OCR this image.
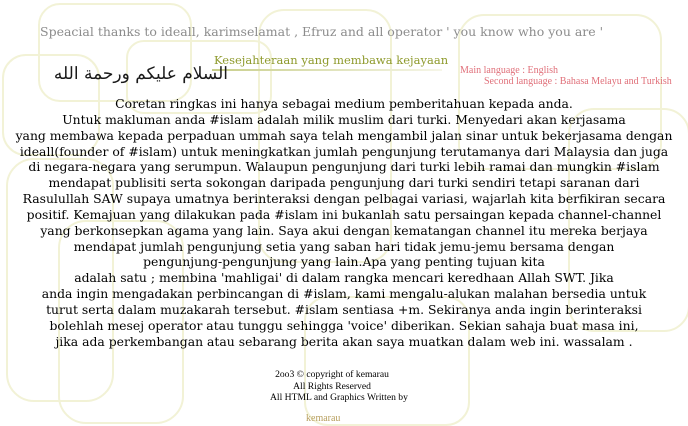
Speacial thanks to ideall, karimselamat , Efruz and all operator ' you know who you are '
Kesejahteraan yang membawa kejayaan
Main language : English
Second language : Bahasa Melayu and Turkish
السلام عليكم ورحمة الله
Coretan ringkas ini hanya sebagai medium pemberitahuan kepada anda.
Untuk makluman anda #islam adalah milik muslim dari turki. Menyedari akan kerjasama
yang membawa kepada perpaduan ummah saya telah mengambil jalan sinar untuk bekerjasama dengan
ideall(founder of #islam) untuk meningkatkan jumlah pengunjung terutamanya dari Malaysia dan juga
di negara-negara yang serumpun. Walaupun pengunjung dari turki lebih ramai dan mungkin #islam
mendapat publisiti serta sokongan daripada pengunjung dari turki sendiri tetapi saranan dari
Rasulullah SAW supaya umatnya berinteraksi dengan pelbagai variasi, wajarlah kita berfikiran secara
positif. Kemajuan yang dilakukan pada #islam ini bukanlah satu persaingan kepada channel-channel
yang berkonsepkan agama yang lain. Saya akui dengan kematangan channel itu mereka berjaya
mendapat jumlah pengunjung setia yang saban hari tidak jemu-jemu bersama dengan
pengunjung-pengunjung yang lain.Apa yang penting tujuan kita
adalah satu ; membina 'mahligai' di dalam rangka mencari keredhaan Allah SWT. Jika
anda ingin mengadakan perbincangan di #islam, kami mengalu-alukan malahan bersedia untuk
turut serta dalam muzakarah tersebut. #islam sentiasa +m. Sekiranya anda ingin berinteraksi
bolehlah mesej operator atau tunggu sehingga 'voice' diberikan. Sekian sahaja buat masa ini,
jika ada perkembangan atau sebarang berita akan saya muatkan dalam web ini. wassalam .
2oo3 © copyright of kemarau
All Rights Reserved
All HTML and Graphics Written by
kemarau
